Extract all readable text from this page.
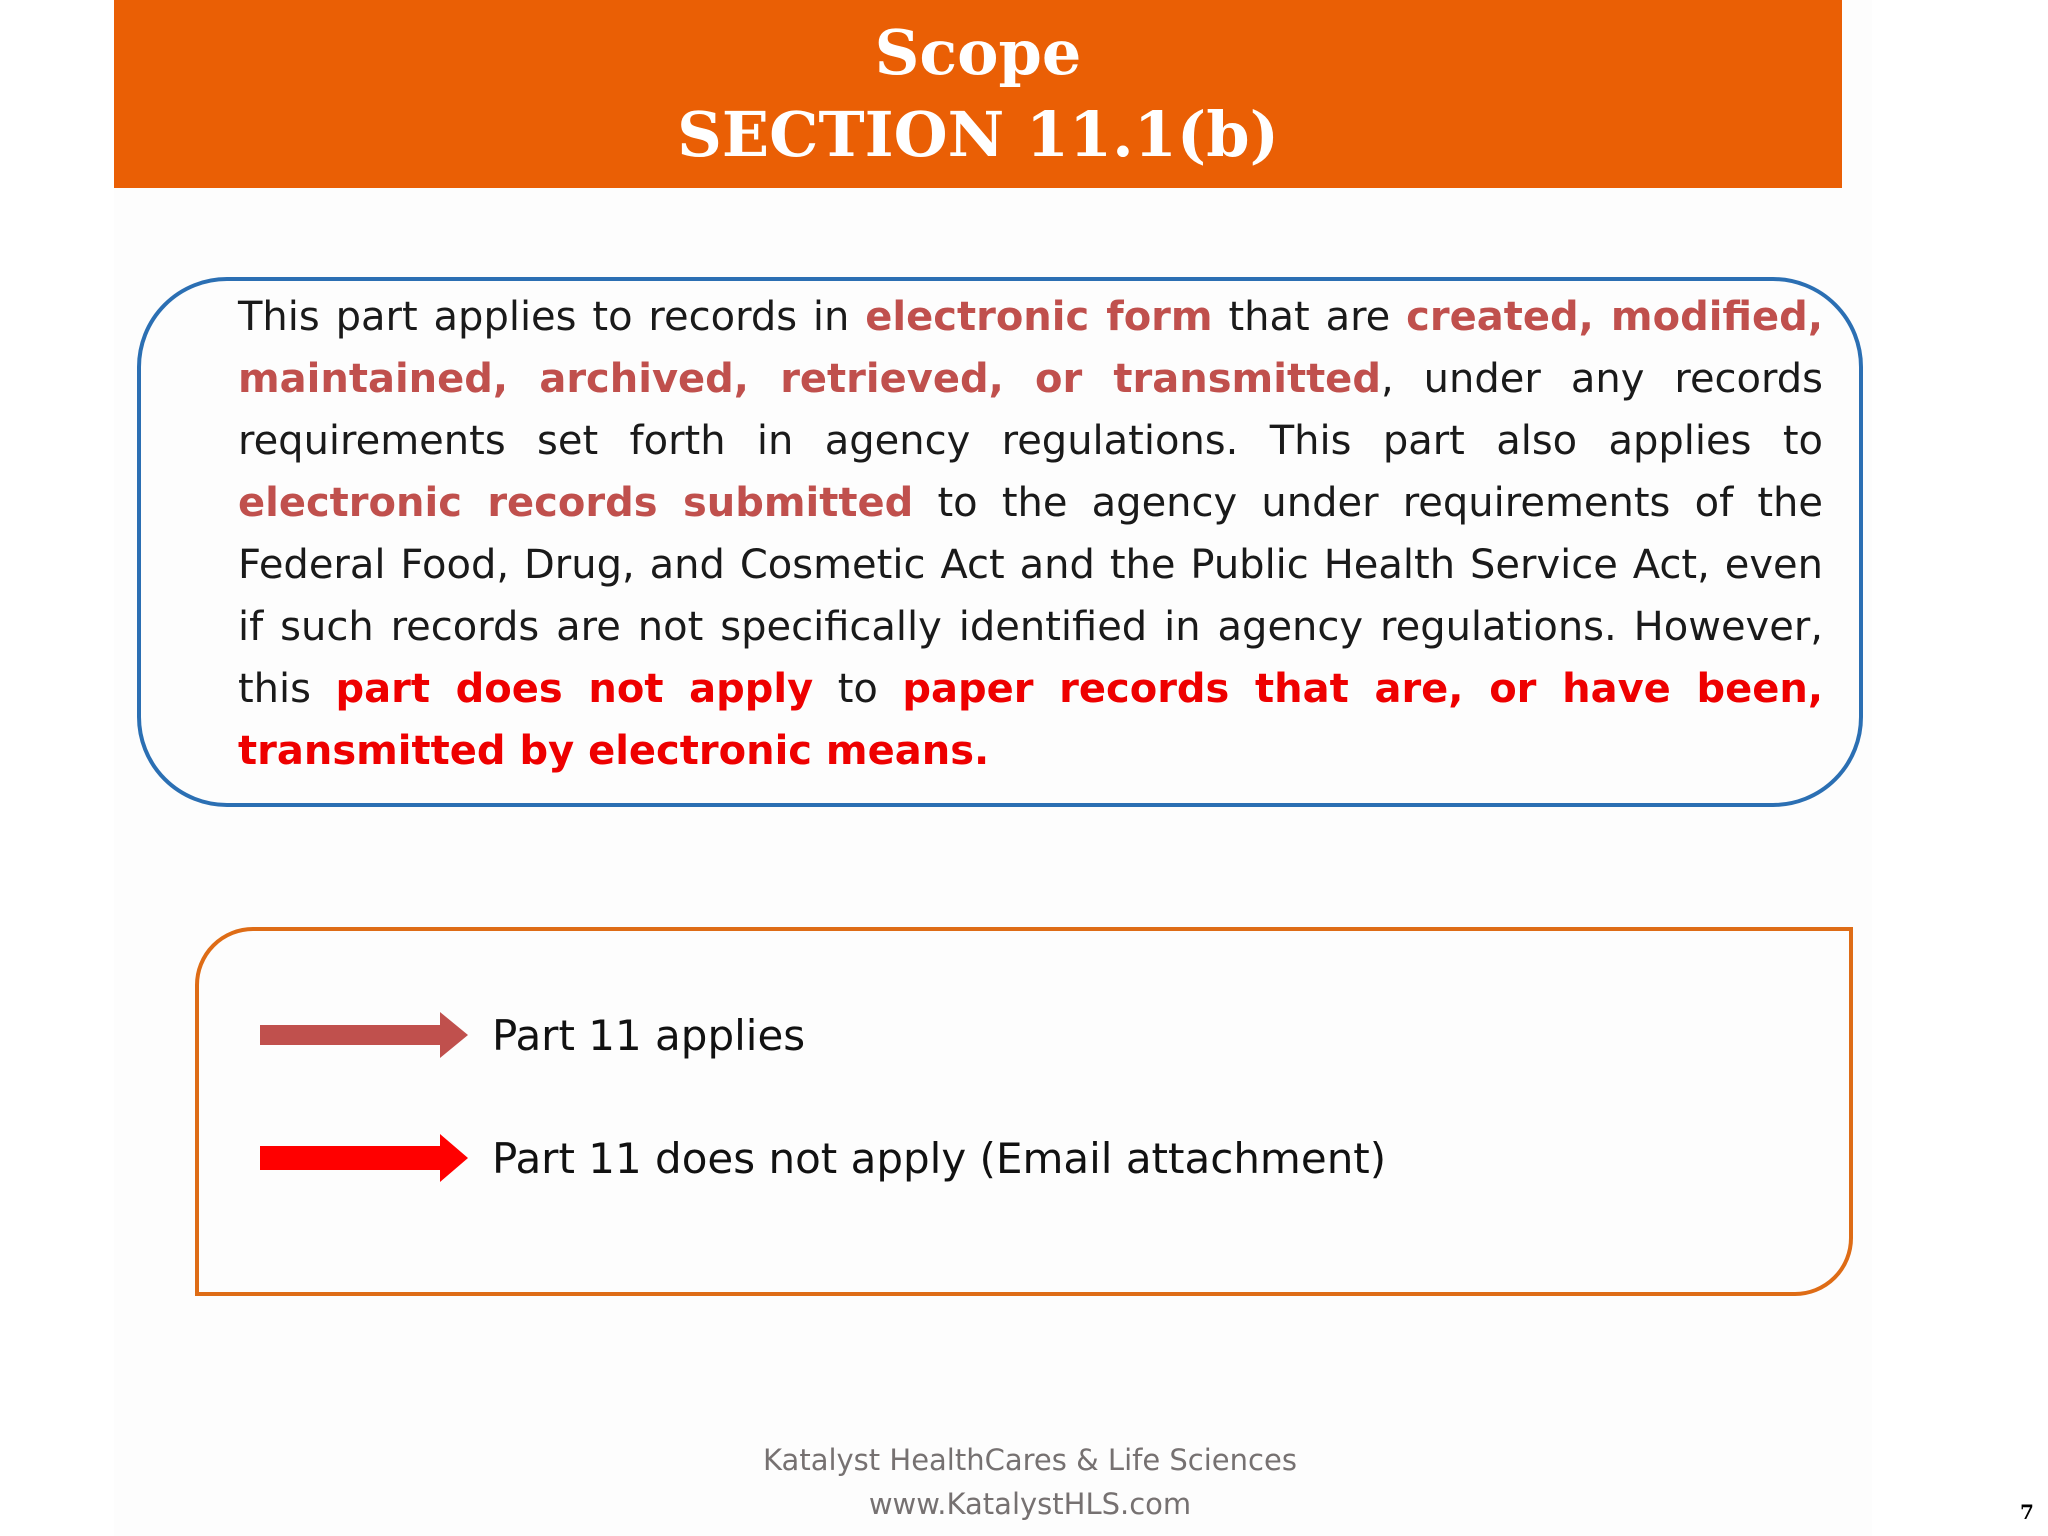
Scope
SECTION 11.1(b)
This part applies to records in electronic form that are created, modified, maintained, archived, retrieved, or transmitted, under any records requirements set forth in agency regulations. This part also applies to electronic records submitted to the agency under requirements of the Federal Food, Drug, and Cosmetic Act and the Public Health Service Act, even if such records are not specifically identified in agency regulations. However, this part does not apply to paper records that are, or have been, transmitted by electronic means.
Part 11 applies
Part 11 does not apply (Email attachment)
Katalyst HealthCares & Life Sciences
www.KatalystHLS.com	7
